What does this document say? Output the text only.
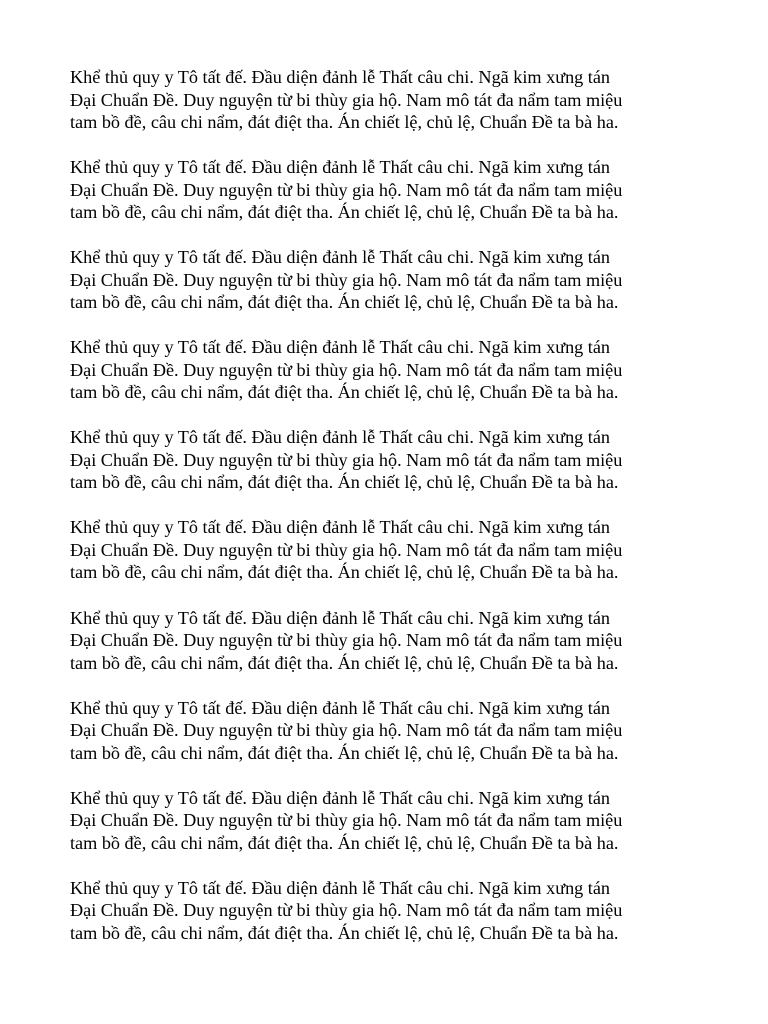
Khể thủ quy y Tô tất đế. Đầu diện đảnh lễ Thất câu chi. Ngã kim xưng tán
Đại Chuẩn Đề. Duy nguyện từ bi thùy gia hộ. Nam mô tát đa nẩm tam miệu
tam bồ đề, câu chi nẩm, đát điệt tha. Án chiết lệ, chủ lệ, Chuẩn Đề ta bà ha.

Khể thủ quy y Tô tất đế. Đầu diện đảnh lễ Thất câu chi. Ngã kim xưng tán
Đại Chuẩn Đề. Duy nguyện từ bi thùy gia hộ. Nam mô tát đa nẩm tam miệu
tam bồ đề, câu chi nẩm, đát điệt tha. Án chiết lệ, chủ lệ, Chuẩn Đề ta bà ha.

Khể thủ quy y Tô tất đế. Đầu diện đảnh lễ Thất câu chi. Ngã kim xưng tán
Đại Chuẩn Đề. Duy nguyện từ bi thùy gia hộ. Nam mô tát đa nẩm tam miệu
tam bồ đề, câu chi nẩm, đát điệt tha. Án chiết lệ, chủ lệ, Chuẩn Đề ta bà ha.

Khể thủ quy y Tô tất đế. Đầu diện đảnh lễ Thất câu chi. Ngã kim xưng tán
Đại Chuẩn Đề. Duy nguyện từ bi thùy gia hộ. Nam mô tát đa nẩm tam miệu
tam bồ đề, câu chi nẩm, đát điệt tha. Án chiết lệ, chủ lệ, Chuẩn Đề ta bà ha.

Khể thủ quy y Tô tất đế. Đầu diện đảnh lễ Thất câu chi. Ngã kim xưng tán
Đại Chuẩn Đề. Duy nguyện từ bi thùy gia hộ. Nam mô tát đa nẩm tam miệu
tam bồ đề, câu chi nẩm, đát điệt tha. Án chiết lệ, chủ lệ, Chuẩn Đề ta bà ha.

Khể thủ quy y Tô tất đế. Đầu diện đảnh lễ Thất câu chi. Ngã kim xưng tán
Đại Chuẩn Đề. Duy nguyện từ bi thùy gia hộ. Nam mô tát đa nẩm tam miệu
tam bồ đề, câu chi nẩm, đát điệt tha. Án chiết lệ, chủ lệ, Chuẩn Đề ta bà ha.

Khể thủ quy y Tô tất đế. Đầu diện đảnh lễ Thất câu chi. Ngã kim xưng tán
Đại Chuẩn Đề. Duy nguyện từ bi thùy gia hộ. Nam mô tát đa nẩm tam miệu
tam bồ đề, câu chi nẩm, đát điệt tha. Án chiết lệ, chủ lệ, Chuẩn Đề ta bà ha.

Khể thủ quy y Tô tất đế. Đầu diện đảnh lễ Thất câu chi. Ngã kim xưng tán
Đại Chuẩn Đề. Duy nguyện từ bi thùy gia hộ. Nam mô tát đa nẩm tam miệu
tam bồ đề, câu chi nẩm, đát điệt tha. Án chiết lệ, chủ lệ, Chuẩn Đề ta bà ha.

Khể thủ quy y Tô tất đế. Đầu diện đảnh lễ Thất câu chi. Ngã kim xưng tán
Đại Chuẩn Đề. Duy nguyện từ bi thùy gia hộ. Nam mô tát đa nẩm tam miệu
tam bồ đề, câu chi nẩm, đát điệt tha. Án chiết lệ, chủ lệ, Chuẩn Đề ta bà ha.

Khể thủ quy y Tô tất đế. Đầu diện đảnh lễ Thất câu chi. Ngã kim xưng tán
Đại Chuẩn Đề. Duy nguyện từ bi thùy gia hộ. Nam mô tát đa nẩm tam miệu
tam bồ đề, câu chi nẩm, đát điệt tha. Án chiết lệ, chủ lệ, Chuẩn Đề ta bà ha.
